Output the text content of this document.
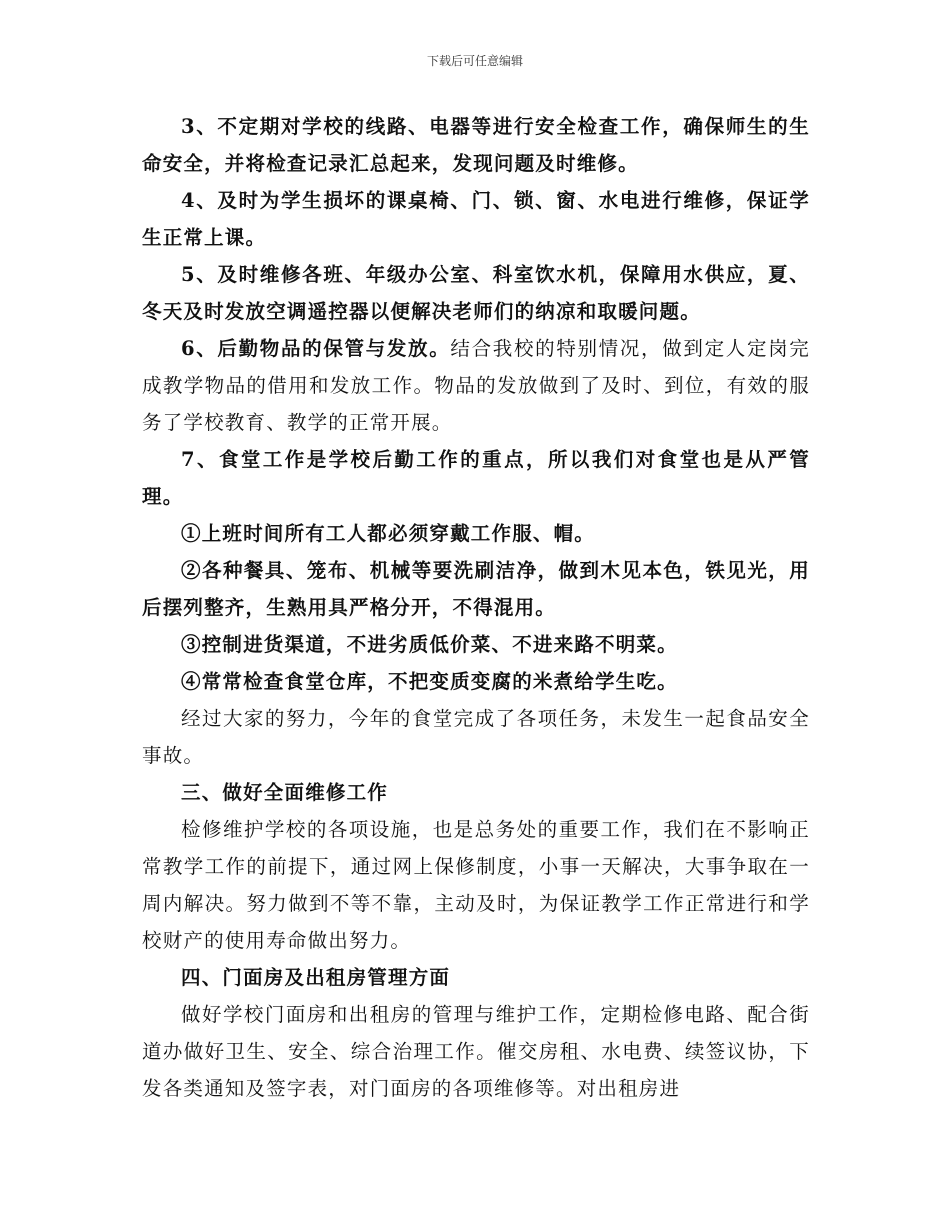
下载后可任意编辑

3、不定期对学校的线路、电器等进行安全检查工作，确保师生的生命安全，并将检查记录汇总起来，发现问题及时维修。

4、及时为学生损坏的课桌椅、门、锁、窗、水电进行维修，保证学生正常上课。

5、及时维修各班、年级办公室、科室饮水机，保障用水供应，夏、冬天及时发放空调遥控器以便解决老师们的纳凉和取暖问题。

6、后勤物品的保管与发放。结合我校的特别情况，做到定人定岗完成教学物品的借用和发放工作。物品的发放做到了及时、到位，有效的服务了学校教育、教学的正常开展。

7、食堂工作是学校后勤工作的重点，所以我们对食堂也是从严管理。

①上班时间所有工人都必须穿戴工作服、帽。

②各种餐具、笼布、机械等要洗刷洁净，做到木见本色，铁见光，用后摆列整齐，生熟用具严格分开，不得混用。

③控制进货渠道，不进劣质低价菜、不进来路不明菜。

④常常检查食堂仓库，不把变质变腐的米煮给学生吃。

经过大家的努力，今年的食堂完成了各项任务，未发生一起食品安全事故。

三、做好全面维修工作

检修维护学校的各项设施，也是总务处的重要工作，我们在不影响正常教学工作的前提下，通过网上保修制度，小事一天解决，大事争取在一周内解决。努力做到不等不靠，主动及时，为保证教学工作正常进行和学校财产的使用寿命做出努力。

四、门面房及出租房管理方面

做好学校门面房和出租房的管理与维护工作，定期检修电路、配合街道办做好卫生、安全、综合治理工作。催交房租、水电费、续签议协，下发各类通知及签字表，对门面房的各项维修等。对出租房进
